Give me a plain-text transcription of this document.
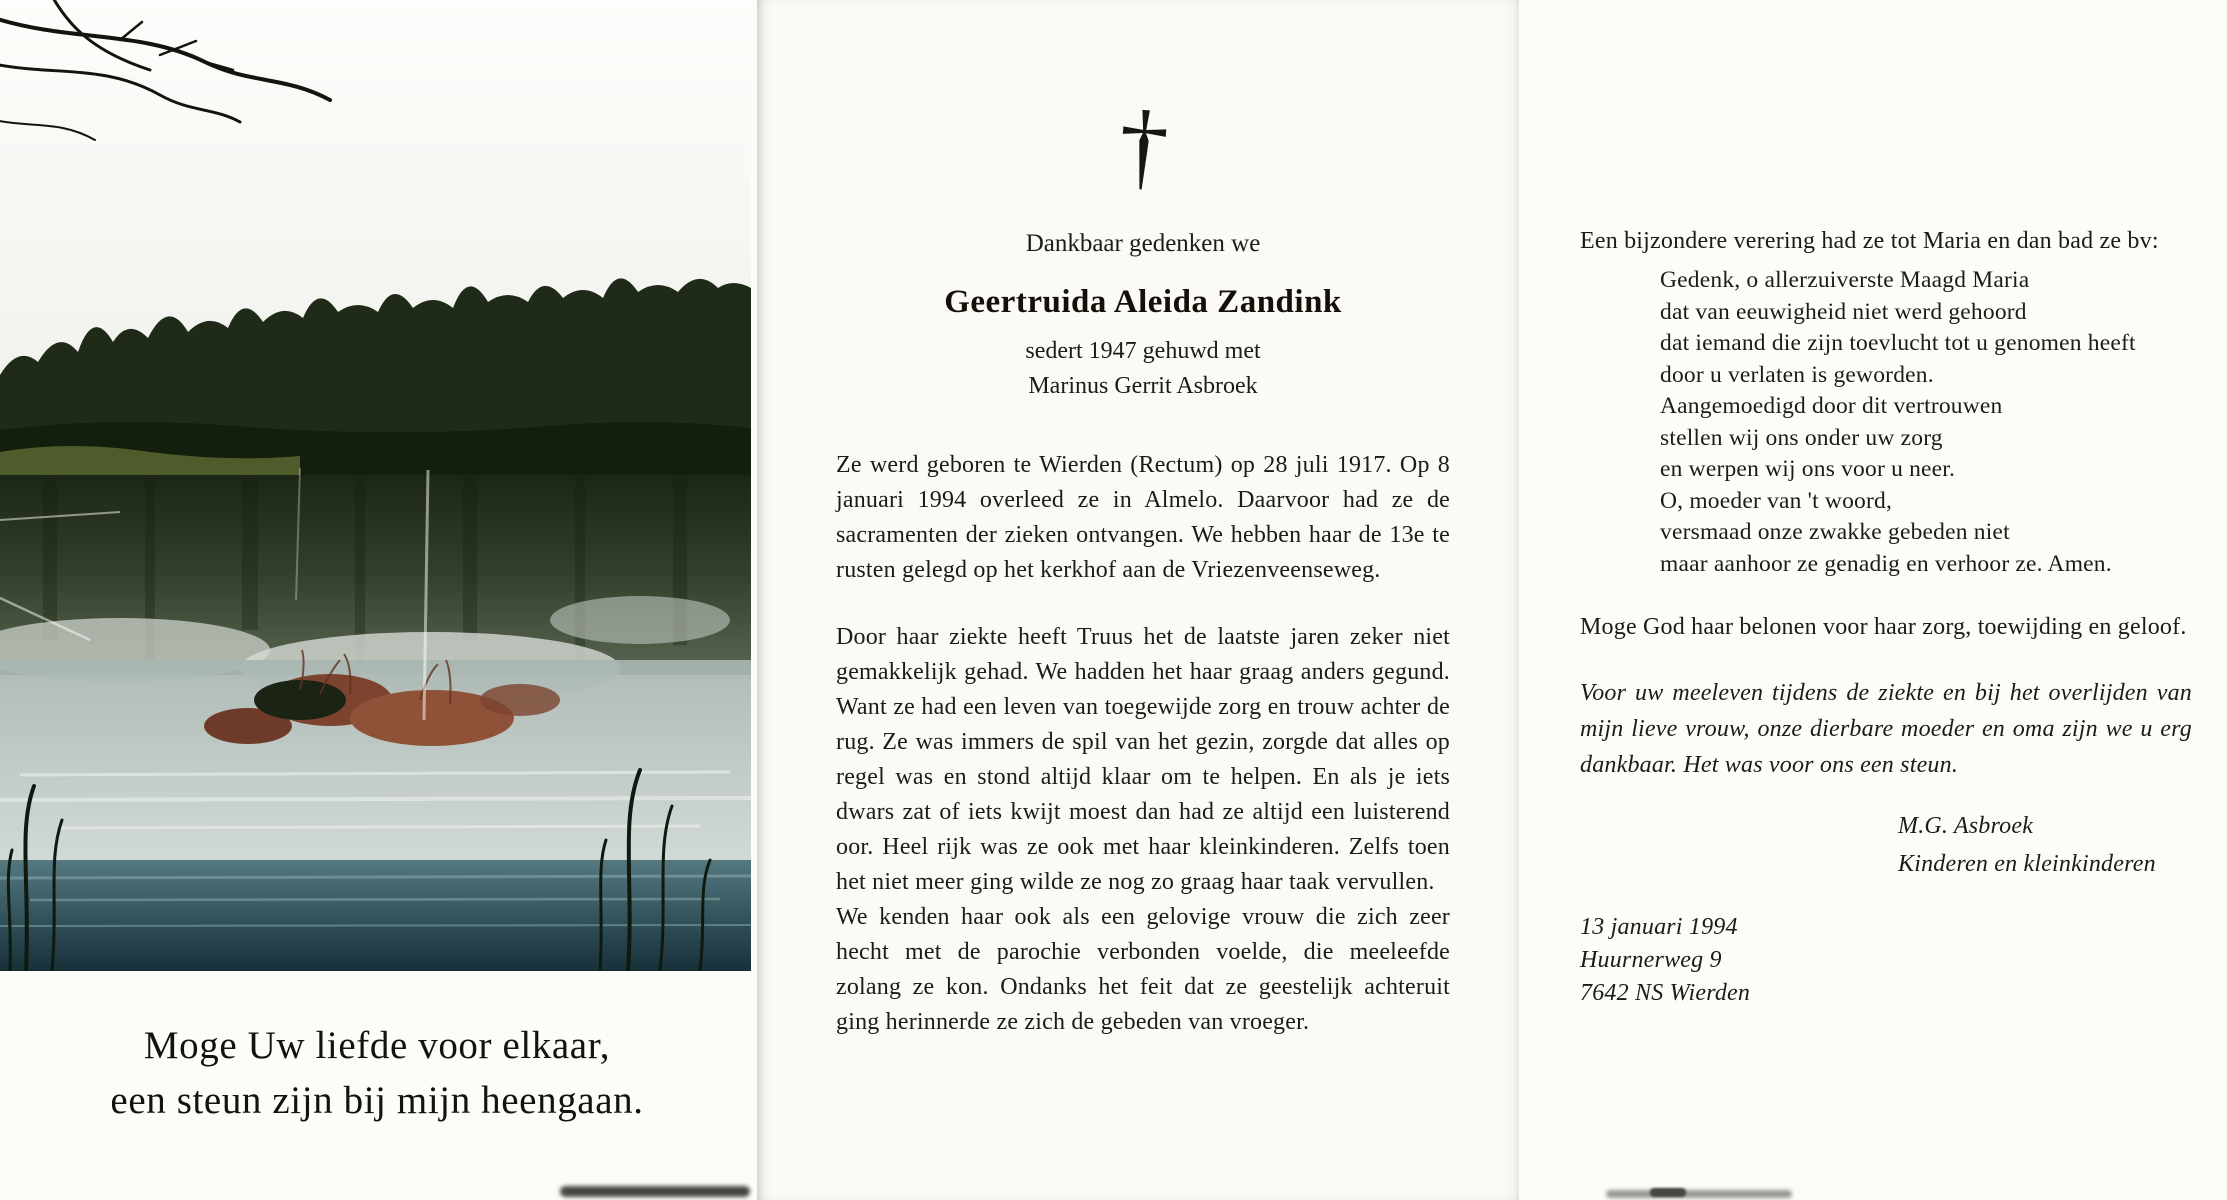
Moge Uw liefde voor elkaar,
een steun zijn bij mijn heengaan.
†
Dankbaar gedenken we
Geertruida Aleida Zandink
sedert 1947 gehuwd met
Marinus Gerrit Asbroek
Ze werd geboren te Wierden (Rectum) op 28 juli 1917. Op 8 januari 1994 overleed ze in Almelo. Daarvoor had ze de sacramenten der zieken ontvangen. We hebben haar de 13e te rusten gelegd op het kerkhof aan de Vriezenveenseweg.
Door haar ziekte heeft Truus het de laatste jaren zeker niet gemakkelijk gehad. We hadden het haar graag anders gegund. Want ze had een leven van toegewijde zorg en trouw achter de rug. Ze was immers de spil van het gezin, zorgde dat alles op regel was en stond altijd klaar om te helpen. En als je iets dwars zat of iets kwijt moest dan had ze altijd een luisterend oor. Heel rijk was ze ook met haar kleinkinderen. Zelfs toen het niet meer ging wilde ze nog zo graag haar taak vervullen.
We kenden haar ook als een gelovige vrouw die zich zeer hecht met de parochie verbonden voelde, die meeleefde zolang ze kon. Ondanks het feit dat ze geestelijk achteruit ging herinnerde ze zich de gebeden van vroeger.
Een bijzondere verering had ze tot Maria en dan bad ze bv:
Gedenk, o allerzuiverste Maagd Maria
dat van eeuwigheid niet werd gehoord
dat iemand die zijn toevlucht tot u genomen heeft
door u verlaten is geworden.
Aangemoedigd door dit vertrouwen
stellen wij ons onder uw zorg
en werpen wij ons voor u neer.
O, moeder van 't woord,
versmaad onze zwakke gebeden niet
maar aanhoor ze genadig en verhoor ze. Amen.
Moge God haar belonen voor haar zorg, toewijding en geloof.
Voor uw meeleven tijdens de ziekte en bij het overlijden van mijn lieve vrouw, onze dierbare moeder en oma zijn we u erg dankbaar. Het was voor ons een steun.
M.G. Asbroek
Kinderen en kleinkinderen
13 januari 1994
Huurnerweg 9
7642 NS Wierden
